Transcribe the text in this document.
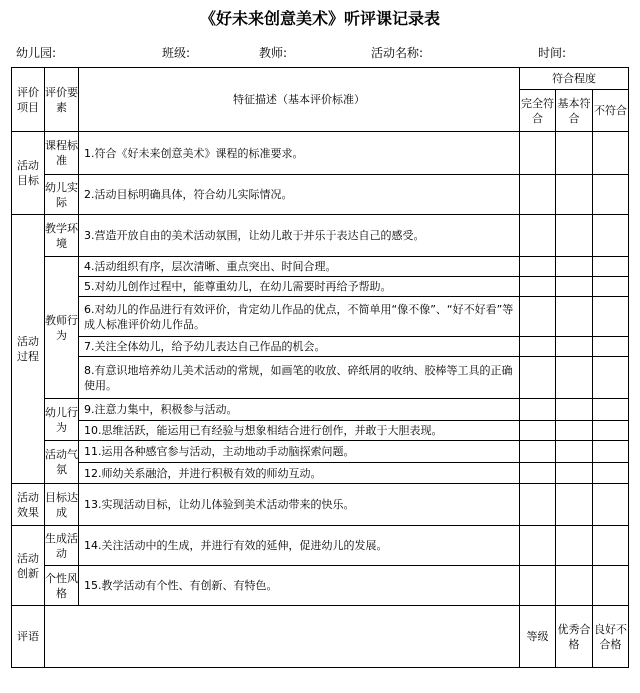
《好未来创意美术》听评课记录表
幼儿园:	班级:	教师:	活动名称:	时间:
评价项目	评价要素	特征描述（基本评价标准）	符合程度		
			完全符合	基本符合	不符合
活动目标	课程标准	1.符合《好未来创意美术》课程的标准要求。			
	幼儿实际	2.活动目标明确具体，符合幼儿实际情况。			
活动过程	教学环境	3.营造开放自由的美术活动氛围，让幼儿敢于并乐于表达自己的感受。			
	教师行为	4.活动组织有序，层次清晰、重点突出、时间合理。			
		5.对幼儿创作过程中，能尊重幼儿，在幼儿需要时再给予帮助。			
		6.对幼儿的作品进行有效评价，肯定幼儿作品的优点，不简单用“像不像”、“好不好看”等成人标准评价幼儿作品。			
		7.关注全体幼儿，给予幼儿表达自己作品的机会。			
		8.有意识地培养幼儿美术活动的常规，如画笔的收放、碎纸屑的收纳、胶棒等工具的正确使用。			
	幼儿行为	9.注意力集中，积极参与活动。			
		10.思维活跃，能运用已有经验与想象相结合进行创作，并敢于大胆表现。			
	活动气氛	11.运用各种感官参与活动，主动地动手动脑探索问题。			
		12.师幼关系融洽，并进行积极有效的师幼互动。			
活动效果	目标达成	13.实现活动目标，让幼儿体验到美术活动带来的快乐。			
活动创新	生成活动	14.关注活动中的生成，并进行有效的延伸，促进幼儿的发展。			
	个性风格	15.教学活动有个性、有创新、有特色。			
评语			等级	优秀合格	良好不合格
